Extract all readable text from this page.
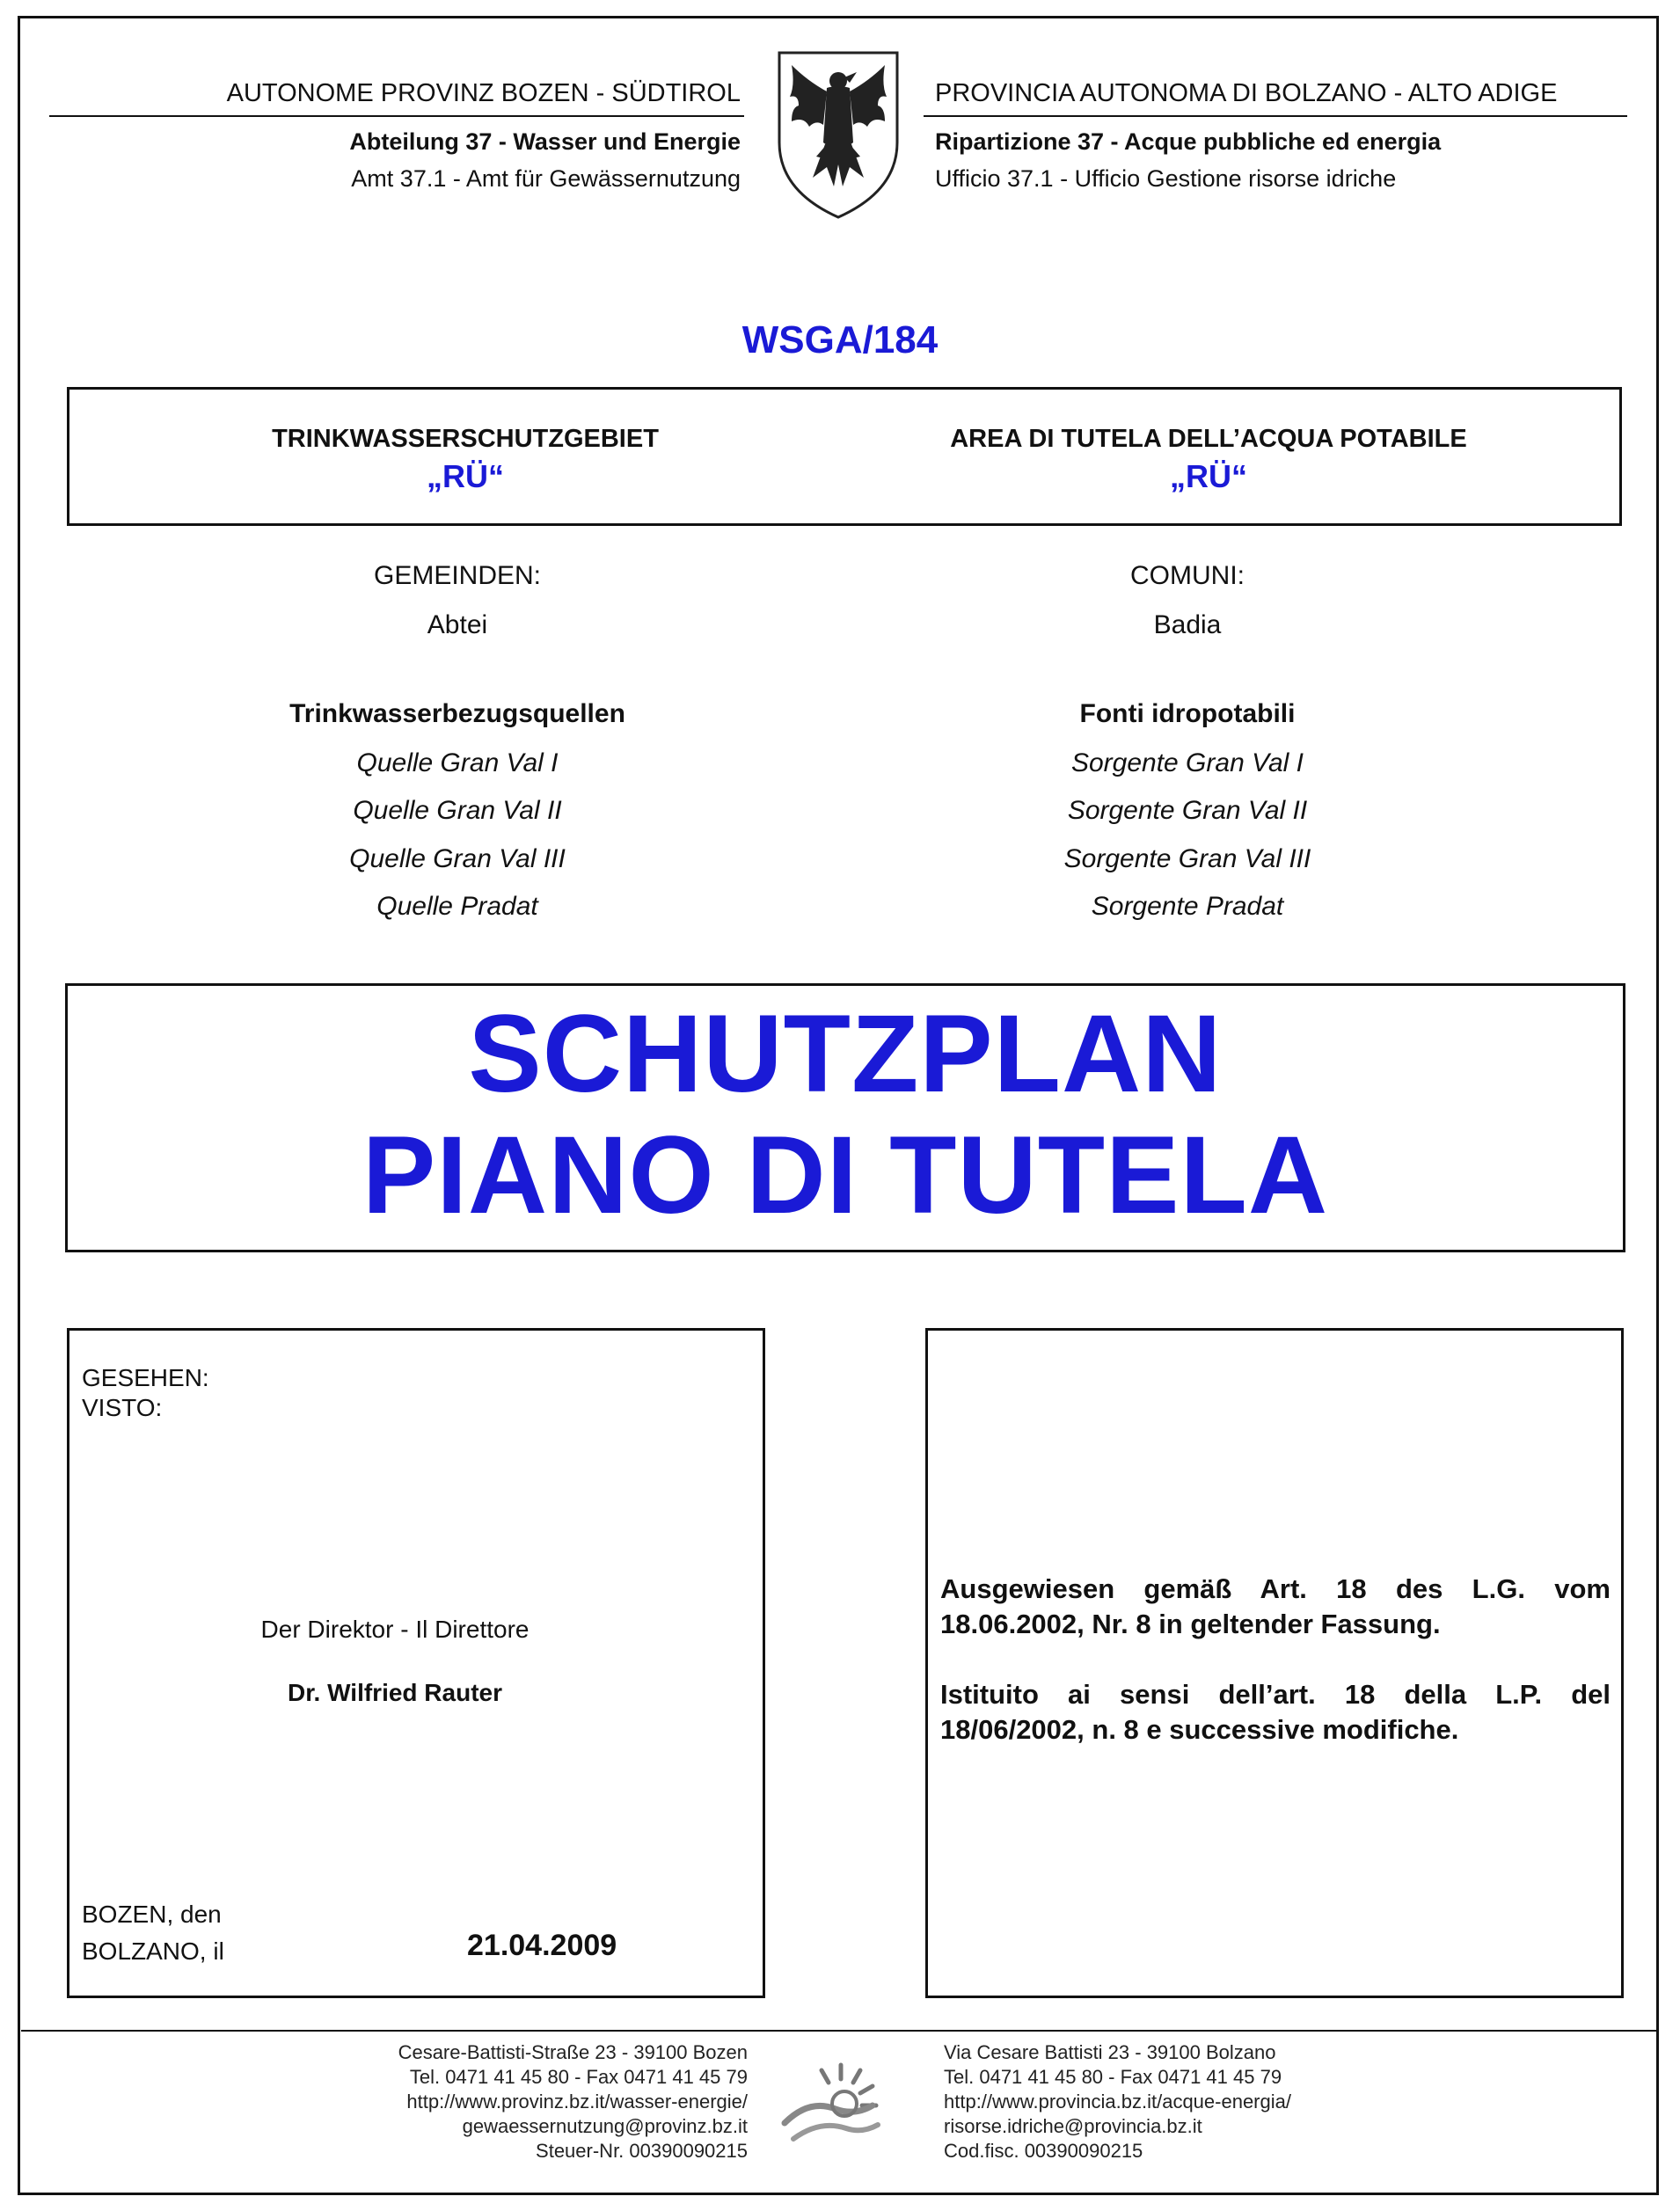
AUTONOME PROVINZ BOZEN - SÜDTIROL
Abteilung 37 - Wasser und Energie
Amt 37.1 - Amt für Gewässernutzung
PROVINCIA AUTONOMA DI BOLZANO - ALTO ADIGE
Ripartizione 37 - Acque pubbliche ed energia
Ufficio 37.1 - Ufficio Gestione risorse idriche
WSGA/184
TRINKWASSERSCHUTZGEBIET
„RÜ“
AREA DI TUTELA DELL’ACQUA POTABILE
„RÜ“
GEMEINDEN:
Abtei
COMUNI:
Badia
Trinkwasserbezugsquellen	Fonti idropotabili
Quelle Gran Val I
Quelle Gran Val II
Quelle Gran Val III
Quelle Pradat
Sorgente Gran Val I
Sorgente Gran Val II
Sorgente Gran Val III
Sorgente Pradat
SCHUTZPLAN
PIANO DI TUTELA
GESEHEN:
VISTO:
Der Direktor - Il Direttore
Dr. Wilfried Rauter
BOZEN, den
BOLZANO, il	21.04.2009
Ausgewiesen gemäß Art. 18 des L.G. vom 18.06.2002, Nr. 8 in geltender Fassung.
Istituito ai sensi dell’art. 18 della L.P. del 18/06/2002, n. 8 e successive modifiche.
Cesare-Battisti-Straße 23 - 39100 Bozen
Tel. 0471 41 45 80 - Fax 0471 41 45 79
http://www.provinz.bz.it/wasser-energie/
gewaessernutzung@provinz.bz.it
Steuer-Nr. 00390090215
Via Cesare Battisti 23 - 39100 Bolzano
Tel. 0471 41 45 80 - Fax 0471 41 45 79
http://www.provincia.bz.it/acque-energia/
risorse.idriche@provincia.bz.it
Cod.fisc. 00390090215
